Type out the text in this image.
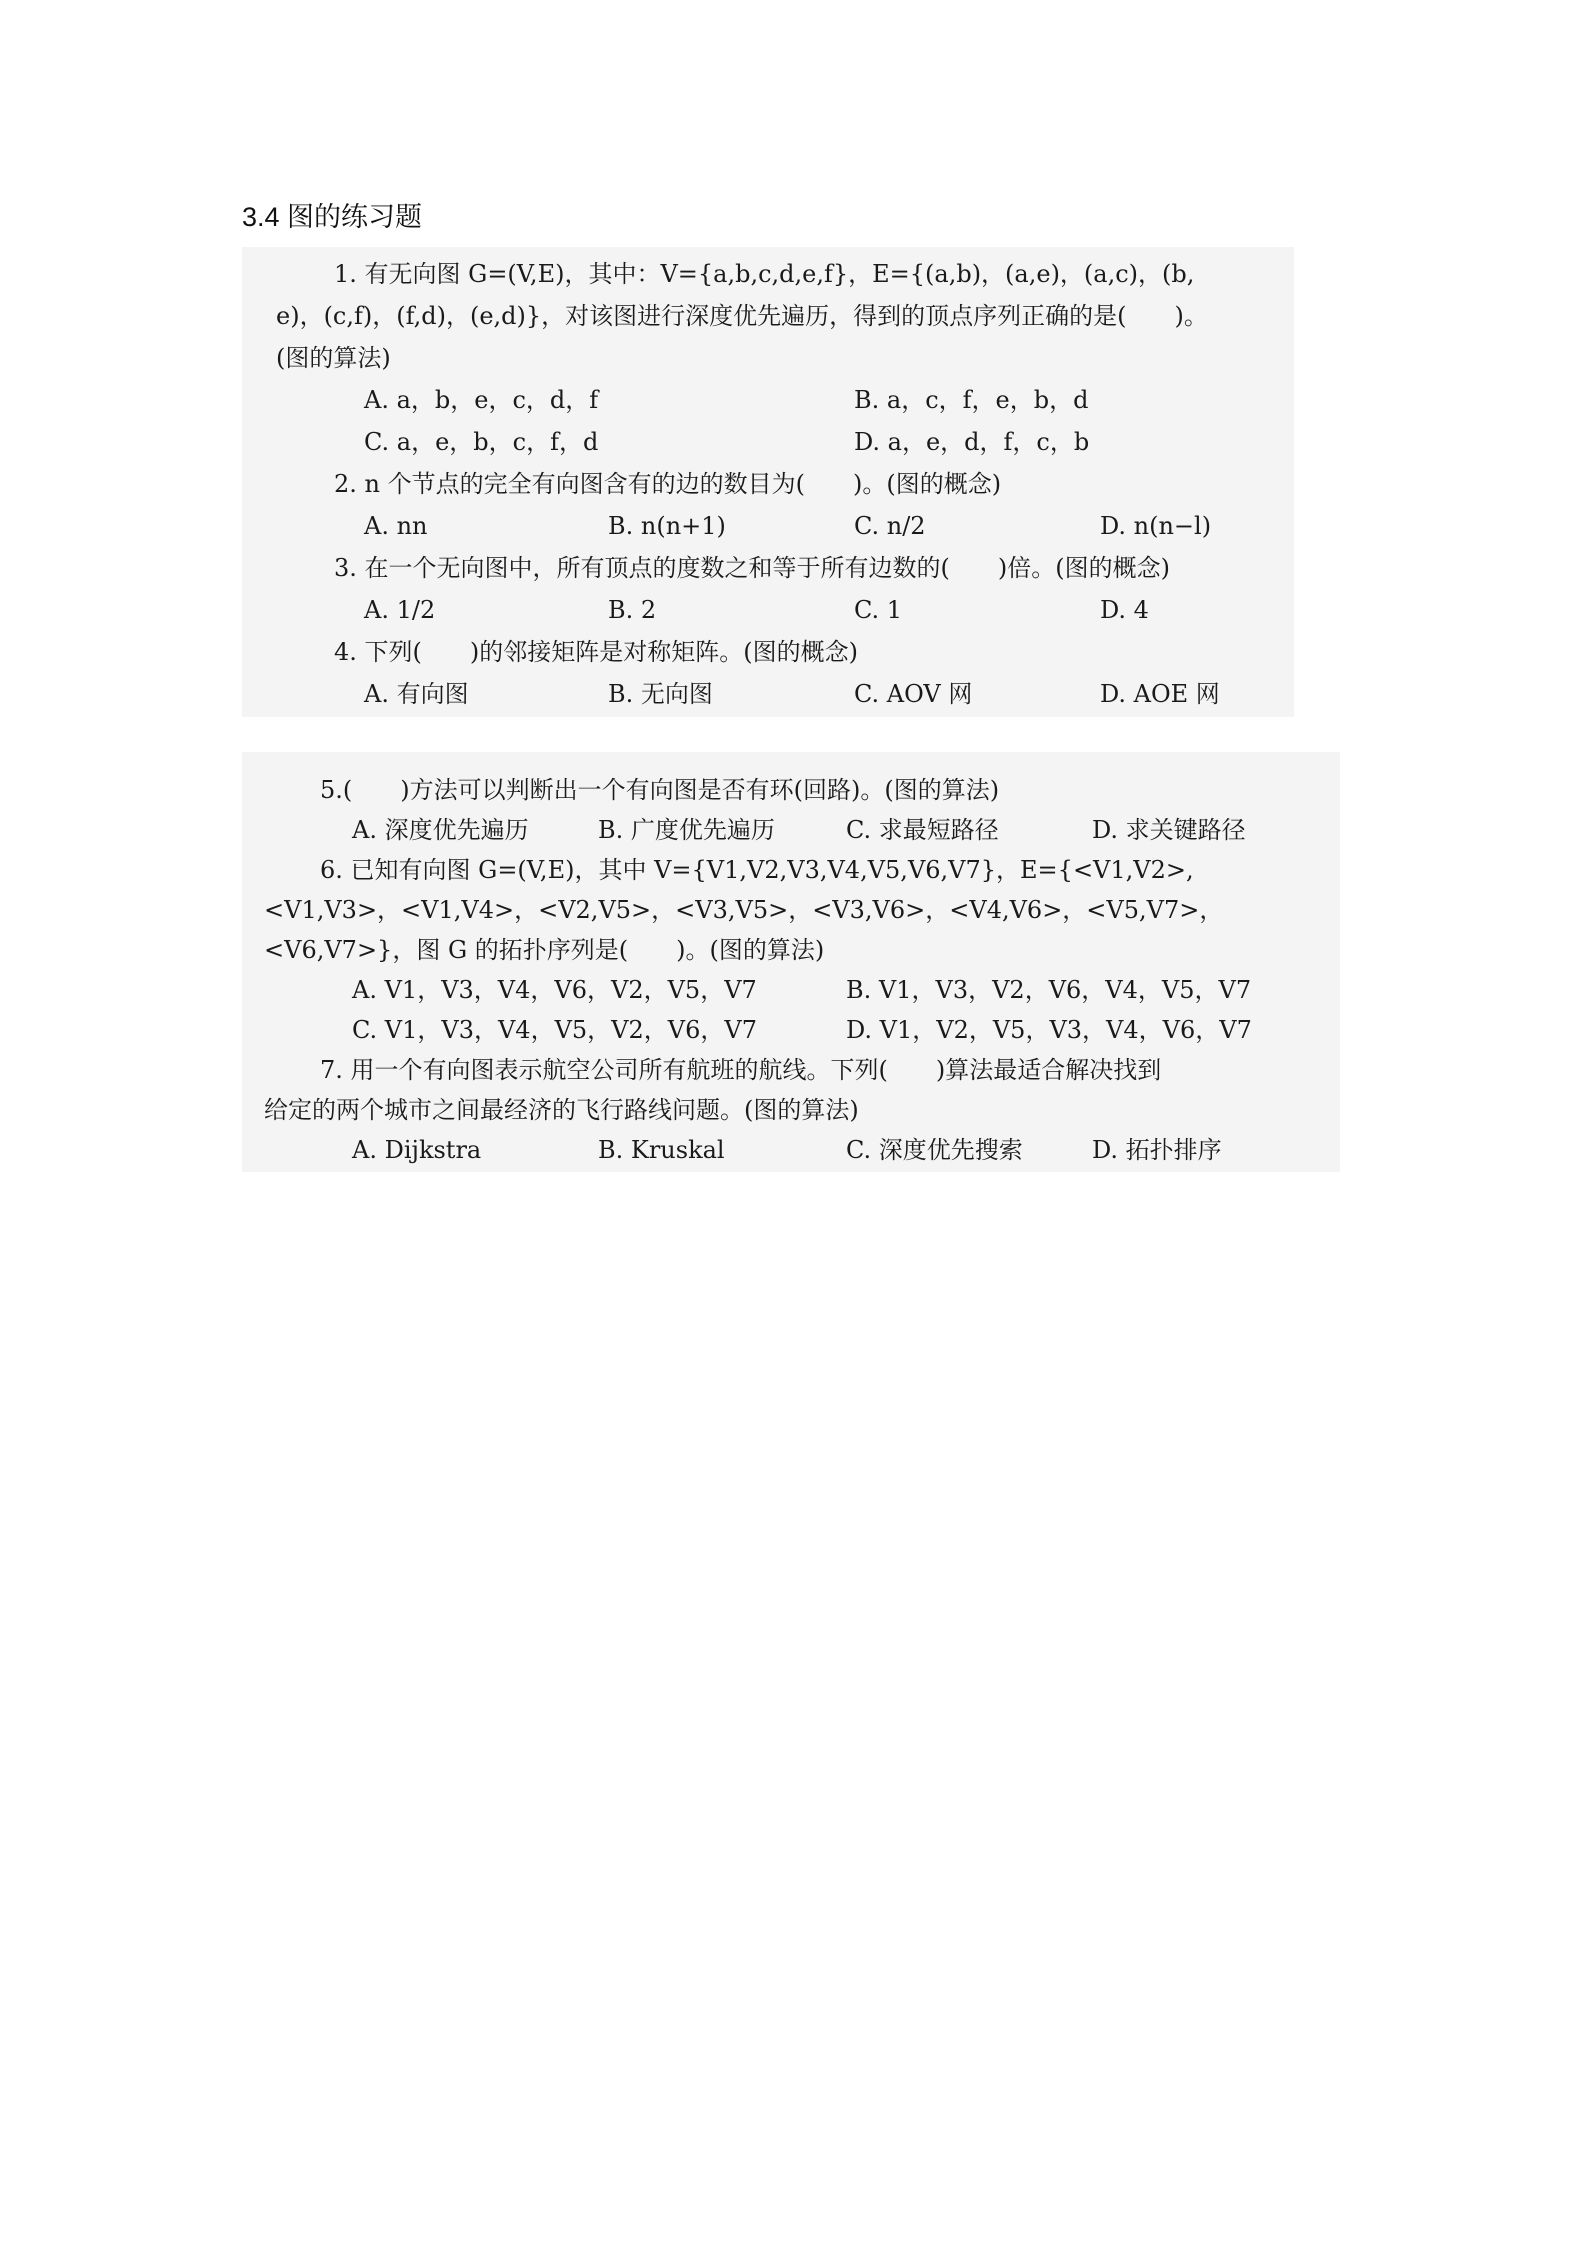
3.4 图的练习题
1. 有无向图 G=(V,E)，其中：V={a,b,c,d,e,f}，E={(a,b)，(a,e)，(a,c)，(b,
e)，(c,f)，(f,d)，(e,d)}，对该图进行深度优先遍历，得到的顶点序列正确的是(　　)。
(图的算法)
A. a，b，e，c，d，f	B. a，c，f，e，b，d
C. a，e，b，c，f，d	D. a，e，d，f，c，b
2. n 个节点的完全有向图含有的边的数目为(　　)。(图的概念)
A. nn	B. n(n+1)	C. n/2	D. n(n−l)
3. 在一个无向图中，所有顶点的度数之和等于所有边数的(　　)倍。(图的概念)
A. 1/2	B. 2	C. 1	D. 4
4. 下列(　　)的邻接矩阵是对称矩阵。(图的概念)
A. 有向图	B. 无向图	C. AOV 网	D. AOE 网
5.(　　)方法可以判断出一个有向图是否有环(回路)。(图的算法)
A. 深度优先遍历	B. 广度优先遍历	C. 求最短路径	D. 求关键路径
6. 已知有向图 G=(V,E)，其中 V={V1,V2,V3,V4,V5,V6,V7}，E={<V1,V2>,
<V1,V3>，<V1,V4>，<V2,V5>，<V3,V5>，<V3,V6>，<V4,V6>，<V5,V7>，
<V6,V7>}，图 G 的拓扑序列是(　　)。(图的算法)
A. V1，V3，V4，V6，V2，V5，V7	B. V1，V3，V2，V6，V4，V5，V7
C. V1，V3，V4，V5，V2，V6，V7	D. V1，V2，V5，V3，V4，V6，V7
7. 用一个有向图表示航空公司所有航班的航线。下列(　　)算法最适合解决找到
给定的两个城市之间最经济的飞行路线问题。(图的算法)
A. Dijkstra	B. Kruskal	C. 深度优先搜索	D. 拓扑排序
